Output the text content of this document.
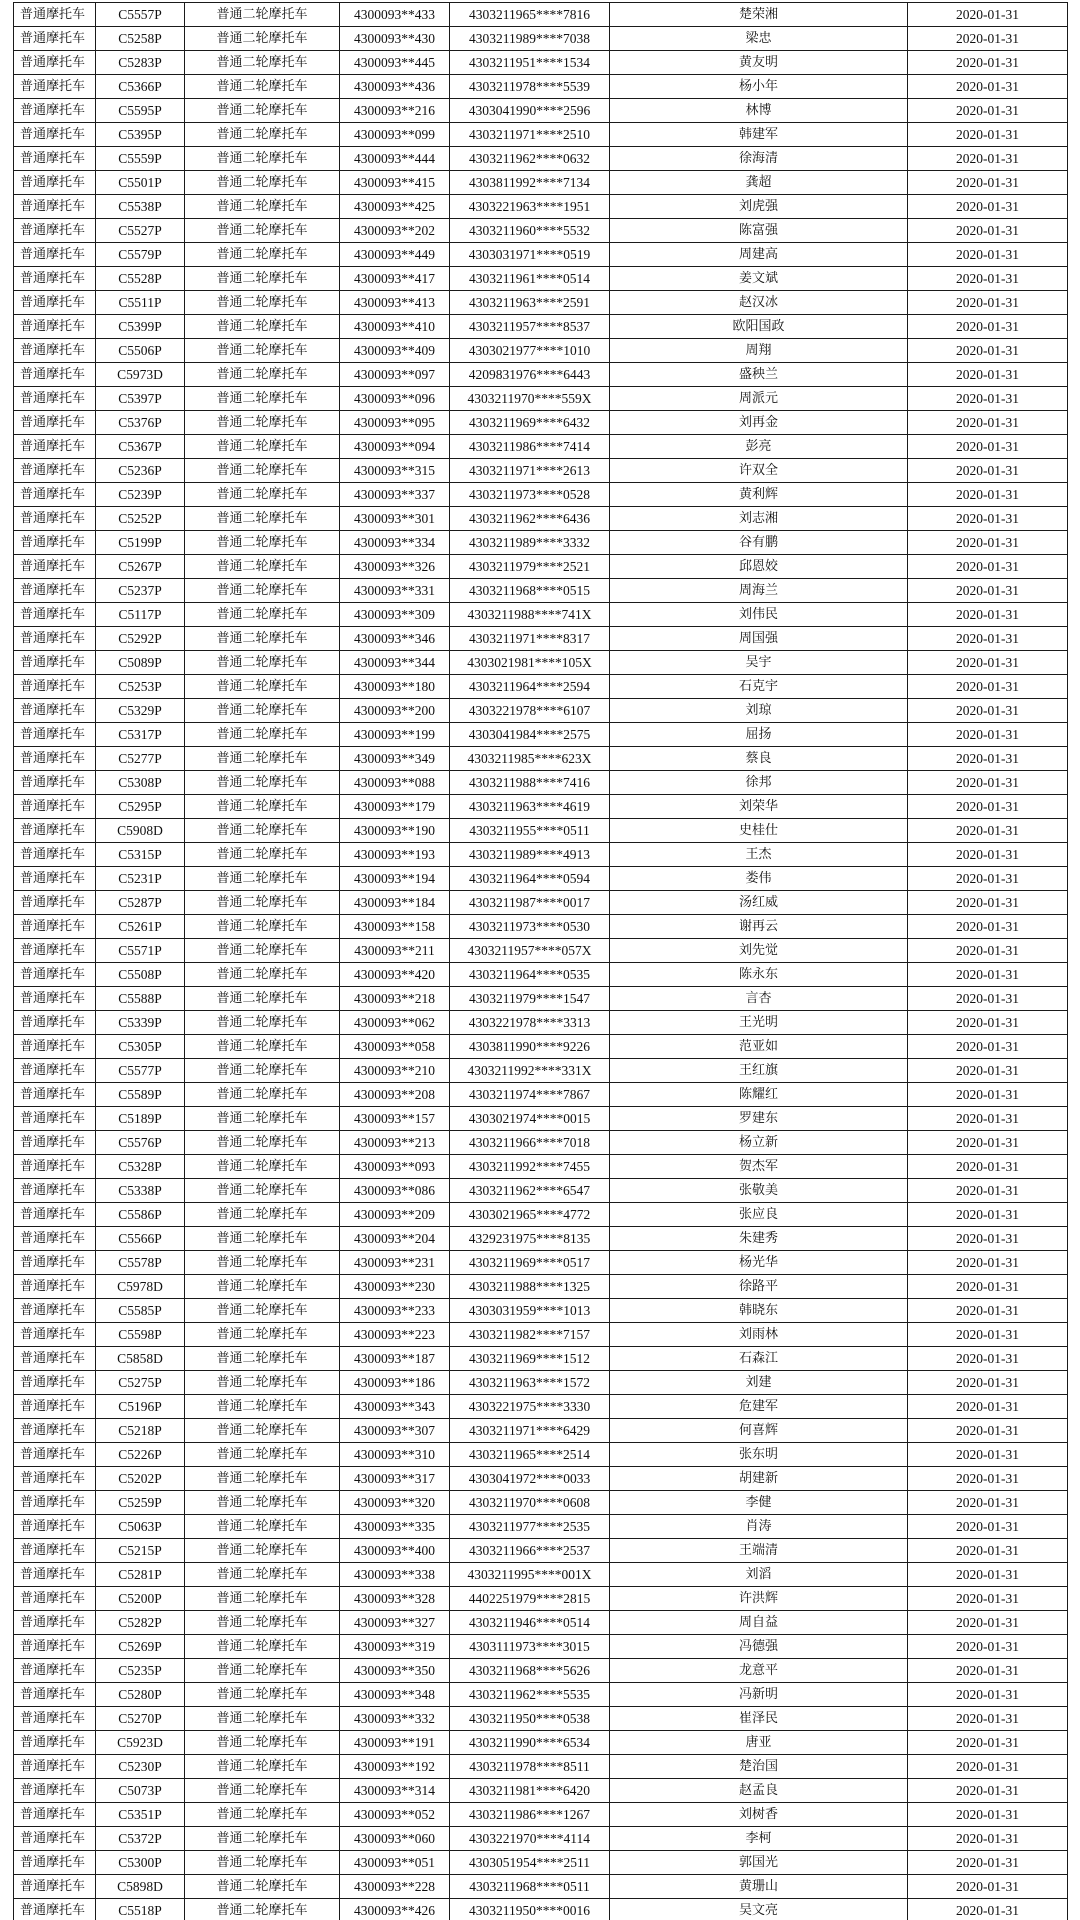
普通摩托车	C5557P	普通二轮摩托车	4300093**433	4303211965****7816	楚荣湘	2020-01-31
普通摩托车	C5258P	普通二轮摩托车	4300093**430	4303211989****7038	梁忠	2020-01-31
普通摩托车	C5283P	普通二轮摩托车	4300093**445	4303211951****1534	黄友明	2020-01-31
普通摩托车	C5366P	普通二轮摩托车	4300093**436	4303211978****5539	杨小年	2020-01-31
普通摩托车	C5595P	普通二轮摩托车	4300093**216	4303041990****2596	林博	2020-01-31
普通摩托车	C5395P	普通二轮摩托车	4300093**099	4303211971****2510	韩建军	2020-01-31
普通摩托车	C5559P	普通二轮摩托车	4300093**444	4303211962****0632	徐海清	2020-01-31
普通摩托车	C5501P	普通二轮摩托车	4300093**415	4303811992****7134	龚超	2020-01-31
普通摩托车	C5538P	普通二轮摩托车	4300093**425	4303221963****1951	刘虎强	2020-01-31
普通摩托车	C5527P	普通二轮摩托车	4300093**202	4303211960****5532	陈富强	2020-01-31
普通摩托车	C5579P	普通二轮摩托车	4300093**449	4303031971****0519	周建高	2020-01-31
普通摩托车	C5528P	普通二轮摩托车	4300093**417	4303211961****0514	姜文斌	2020-01-31
普通摩托车	C5511P	普通二轮摩托车	4300093**413	4303211963****2591	赵汉冰	2020-01-31
普通摩托车	C5399P	普通二轮摩托车	4300093**410	4303211957****8537	欧阳国政	2020-01-31
普通摩托车	C5506P	普通二轮摩托车	4300093**409	4303021977****1010	周翔	2020-01-31
普通摩托车	C5973D	普通二轮摩托车	4300093**097	4209831976****6443	盛秧兰	2020-01-31
普通摩托车	C5397P	普通二轮摩托车	4300093**096	4303211970****559X	周派元	2020-01-31
普通摩托车	C5376P	普通二轮摩托车	4300093**095	4303211969****6432	刘再金	2020-01-31
普通摩托车	C5367P	普通二轮摩托车	4300093**094	4303211986****7414	彭亮	2020-01-31
普通摩托车	C5236P	普通二轮摩托车	4300093**315	4303211971****2613	许双全	2020-01-31
普通摩托车	C5239P	普通二轮摩托车	4300093**337	4303211973****0528	黄利辉	2020-01-31
普通摩托车	C5252P	普通二轮摩托车	4300093**301	4303211962****6436	刘志湘	2020-01-31
普通摩托车	C5199P	普通二轮摩托车	4300093**334	4303211989****3332	谷有鹏	2020-01-31
普通摩托车	C5267P	普通二轮摩托车	4300093**326	4303211979****2521	邱恩姣	2020-01-31
普通摩托车	C5237P	普通二轮摩托车	4300093**331	4303211968****0515	周海兰	2020-01-31
普通摩托车	C5117P	普通二轮摩托车	4300093**309	4303211988****741X	刘伟民	2020-01-31
普通摩托车	C5292P	普通二轮摩托车	4300093**346	4303211971****8317	周国强	2020-01-31
普通摩托车	C5089P	普通二轮摩托车	4300093**344	4303021981****105X	吴宇	2020-01-31
普通摩托车	C5253P	普通二轮摩托车	4300093**180	4303211964****2594	石克宇	2020-01-31
普通摩托车	C5329P	普通二轮摩托车	4300093**200	4303221978****6107	刘琼	2020-01-31
普通摩托车	C5317P	普通二轮摩托车	4300093**199	4303041984****2575	屈扬	2020-01-31
普通摩托车	C5277P	普通二轮摩托车	4300093**349	4303211985****623X	蔡良	2020-01-31
普通摩托车	C5308P	普通二轮摩托车	4300093**088	4303211988****7416	徐邦	2020-01-31
普通摩托车	C5295P	普通二轮摩托车	4300093**179	4303211963****4619	刘荣华	2020-01-31
普通摩托车	C5908D	普通二轮摩托车	4300093**190	4303211955****0511	史桂仕	2020-01-31
普通摩托车	C5315P	普通二轮摩托车	4300093**193	4303211989****4913	王杰	2020-01-31
普通摩托车	C5231P	普通二轮摩托车	4300093**194	4303211964****0594	娄伟	2020-01-31
普通摩托车	C5287P	普通二轮摩托车	4300093**184	4303211987****0017	汤红威	2020-01-31
普通摩托车	C5261P	普通二轮摩托车	4300093**158	4303211973****0530	谢再云	2020-01-31
普通摩托车	C5571P	普通二轮摩托车	4300093**211	4303211957****057X	刘先觉	2020-01-31
普通摩托车	C5508P	普通二轮摩托车	4300093**420	4303211964****0535	陈永东	2020-01-31
普通摩托车	C5588P	普通二轮摩托车	4300093**218	4303211979****1547	言杏	2020-01-31
普通摩托车	C5339P	普通二轮摩托车	4300093**062	4303221978****3313	王光明	2020-01-31
普通摩托车	C5305P	普通二轮摩托车	4300093**058	4303811990****9226	范亚如	2020-01-31
普通摩托车	C5577P	普通二轮摩托车	4300093**210	4303211992****331X	王红旗	2020-01-31
普通摩托车	C5589P	普通二轮摩托车	4300093**208	4303211974****7867	陈耀红	2020-01-31
普通摩托车	C5189P	普通二轮摩托车	4300093**157	4303021974****0015	罗建东	2020-01-31
普通摩托车	C5576P	普通二轮摩托车	4300093**213	4303211966****7018	杨立新	2020-01-31
普通摩托车	C5328P	普通二轮摩托车	4300093**093	4303211992****7455	贺杰军	2020-01-31
普通摩托车	C5338P	普通二轮摩托车	4300093**086	4303211962****6547	张敬美	2020-01-31
普通摩托车	C5586P	普通二轮摩托车	4300093**209	4303021965****4772	张应良	2020-01-31
普通摩托车	C5566P	普通二轮摩托车	4300093**204	4329231975****8135	朱建秀	2020-01-31
普通摩托车	C5578P	普通二轮摩托车	4300093**231	4303211969****0517	杨光华	2020-01-31
普通摩托车	C5978D	普通二轮摩托车	4300093**230	4303211988****1325	徐路平	2020-01-31
普通摩托车	C5585P	普通二轮摩托车	4300093**233	4303031959****1013	韩晓东	2020-01-31
普通摩托车	C5598P	普通二轮摩托车	4300093**223	4303211982****7157	刘雨林	2020-01-31
普通摩托车	C5858D	普通二轮摩托车	4300093**187	4303211969****1512	石森江	2020-01-31
普通摩托车	C5275P	普通二轮摩托车	4300093**186	4303211963****1572	刘建	2020-01-31
普通摩托车	C5196P	普通二轮摩托车	4300093**343	4303221975****3330	危建军	2020-01-31
普通摩托车	C5218P	普通二轮摩托车	4300093**307	4303211971****6429	何喜辉	2020-01-31
普通摩托车	C5226P	普通二轮摩托车	4300093**310	4303211965****2514	张东明	2020-01-31
普通摩托车	C5202P	普通二轮摩托车	4300093**317	4303041972****0033	胡建新	2020-01-31
普通摩托车	C5259P	普通二轮摩托车	4300093**320	4303211970****0608	李健	2020-01-31
普通摩托车	C5063P	普通二轮摩托车	4300093**335	4303211977****2535	肖涛	2020-01-31
普通摩托车	C5215P	普通二轮摩托车	4300093**400	4303211966****2537	王端清	2020-01-31
普通摩托车	C5281P	普通二轮摩托车	4300093**338	4303211995****001X	刘滔	2020-01-31
普通摩托车	C5200P	普通二轮摩托车	4300093**328	4402251979****2815	许洪辉	2020-01-31
普通摩托车	C5282P	普通二轮摩托车	4300093**327	4303211946****0514	周自益	2020-01-31
普通摩托车	C5269P	普通二轮摩托车	4300093**319	4303111973****3015	冯德强	2020-01-31
普通摩托车	C5235P	普通二轮摩托车	4300093**350	4303211968****5626	龙意平	2020-01-31
普通摩托车	C5280P	普通二轮摩托车	4300093**348	4303211962****5535	冯新明	2020-01-31
普通摩托车	C5270P	普通二轮摩托车	4300093**332	4303211950****0538	崔泽民	2020-01-31
普通摩托车	C5923D	普通二轮摩托车	4300093**191	4303211990****6534	唐亚	2020-01-31
普通摩托车	C5230P	普通二轮摩托车	4300093**192	4303211978****8511	楚治国	2020-01-31
普通摩托车	C5073P	普通二轮摩托车	4300093**314	4303211981****6420	赵孟良	2020-01-31
普通摩托车	C5351P	普通二轮摩托车	4300093**052	4303211986****1267	刘树香	2020-01-31
普通摩托车	C5372P	普通二轮摩托车	4300093**060	4303221970****4114	李柯	2020-01-31
普通摩托车	C5300P	普通二轮摩托车	4300093**051	4303051954****2511	郭国光	2020-01-31
普通摩托车	C5898D	普通二轮摩托车	4300093**228	4303211968****0511	黄珊山	2020-01-31
普通摩托车	C5518P	普通二轮摩托车	4300093**426	4303211950****0016	吴文亮	2020-01-31
